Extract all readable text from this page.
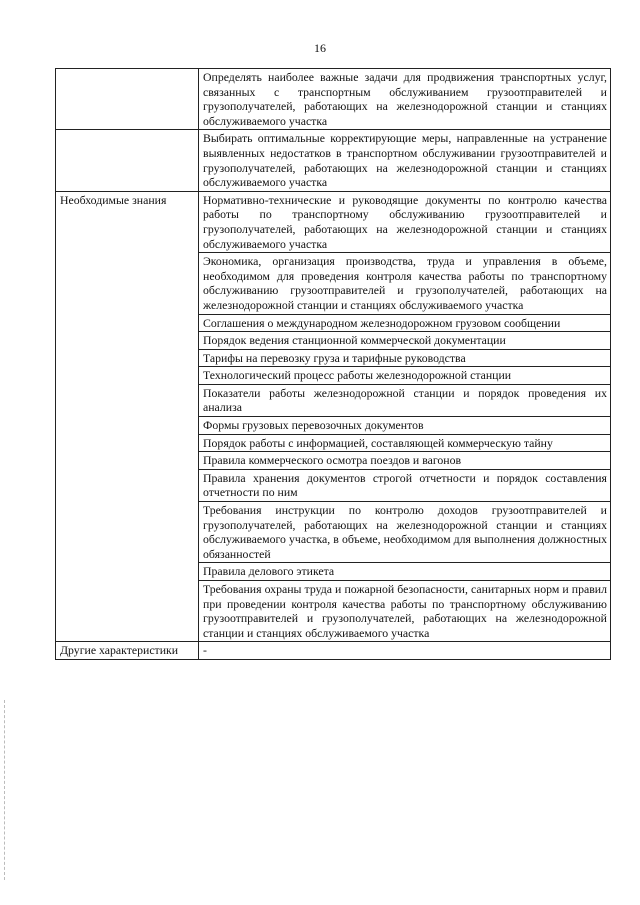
16
	Определять наиболее важные задачи для продвижения транспортных услуг, связанных с транспортным обслуживанием грузоотправителей и грузополучателей, работающих на железнодорожной станции и станциях обслуживаемого участка
	Выбирать оптимальные корректирующие меры, направленные на устранение выявленных недостатков в транспортном обслуживании грузоотправителей и грузополучателей, работающих на железнодорожной станции и станциях обслуживаемого участка
Необходимые знания	Нормативно-технические и руководящие документы по контролю качества работы по транспортному обслуживанию грузоотправителей и грузополучателей, работающих на железнодорожной станции и станциях обслуживаемого участка
	Экономика, организация производства, труда и управления в объеме, необходимом для проведения контроля качества работы по транспортному обслуживанию грузоотправителей и грузополучателей, работающих на железнодорожной станции и станциях обслуживаемого участка
	Соглашения о международном железнодорожном грузовом сообщении
	Порядок ведения станционной коммерческой документации
	Тарифы на перевозку груза и тарифные руководства
	Технологический процесс работы железнодорожной станции
	Показатели работы железнодорожной станции и порядок проведения их анализа
	Формы грузовых перевозочных документов
	Порядок работы с информацией, составляющей коммерческую тайну
	Правила коммерческого осмотра поездов и вагонов
	Правила хранения документов строгой отчетности и порядок составления отчетности по ним
	Требования инструкции по контролю доходов грузоотправителей и грузополучателей, работающих на железнодорожной станции и станциях обслуживаемого участка, в объеме, необходимом для выполнения должностных обязанностей
	Правила делового этикета
	Требования охраны труда и пожарной безопасности, санитарных норм и правил при проведении контроля качества работы по транспортному обслуживанию грузоотправителей и грузополучателей, работающих на железнодорожной станции и станциях обслуживаемого участка
Другие характеристики	-
